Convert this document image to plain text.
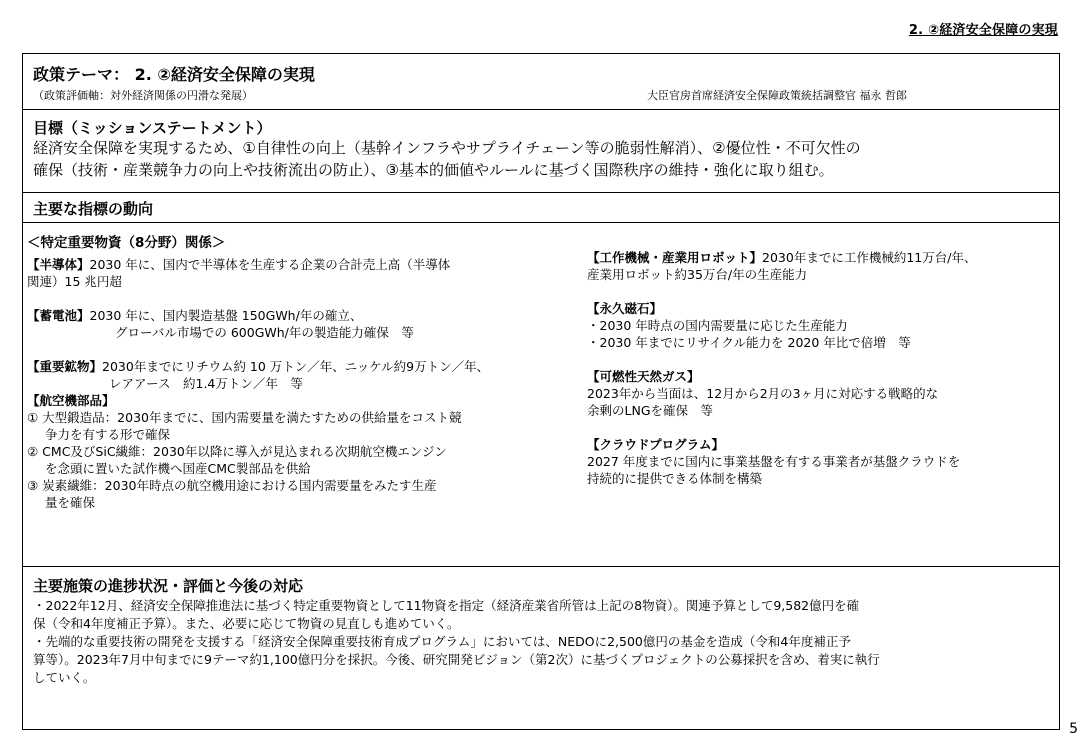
2. ②経済安全保障の実現
政策テーマ： 2. ②経済安全保障の実現
（政策評価軸：対外経済関係の円滑な発展）	大臣官房首席経済安全保障政策統括調整官 福永 哲郎
目標（ミッションステートメント）
経済安全保障を実現するため、①自律性の向上（基幹インフラやサプライチェーン等の脆弱性解消）、②優位性・不可欠性の
確保（技術・産業競争力の向上や技術流出の防止）、③基本的価値やルールに基づく国際秩序の維持・強化に取り組む。
主要な指標の動向
＜特定重要物資（8分野）関係＞
【半導体】2030 年に、国内で半導体を生産する企業の合計売上高（半導体
関連）15 兆円超
【蓄電池】2030 年に、国内製造基盤 150GWh/年の確立、
グローバル市場での 600GWh/年の製造能力確保　等
【重要鉱物】2030年までにリチウム約 10 万トン／年、ニッケル約9万トン／年、
レアアース　約1.4万トン／年　等
【航空機部品】
① 大型鍛造品：2030年までに、国内需要量を満たすための供給量をコスト競
争力を有する形で確保
② CMC及びSiC繊維：2030年以降に導入が見込まれる次期航空機エンジン
を念頭に置いた試作機へ国産CMC製部品を供給
③ 炭素繊維：2030年時点の航空機用途における国内需要量をみたす生産
量を確保
【工作機械・産業用ロボット】2030年までに工作機械約11万台/年、
産業用ロボット約35万台/年の生産能力
【永久磁石】
・2030 年時点の国内需要量に応じた生産能力
・2030 年までにリサイクル能力を 2020 年比で倍増　等
【可燃性天然ガス】
2023年から当面は、12月から2月の3ヶ月に対応する戦略的な
余剰のLNGを確保　等
【クラウドプログラム】
2027 年度までに国内に事業基盤を有する事業者が基盤クラウドを
持続的に提供できる体制を構築
主要施策の進捗状況・評価と今後の対応
・2022年12月、経済安全保障推進法に基づく特定重要物資として11物資を指定（経済産業省所管は上記の8物資）。関連予算として9,582億円を確
保（令和4年度補正予算）。また、必要に応じて物資の見直しも進めていく。
・先端的な重要技術の開発を支援する「経済安全保障重要技術育成プログラム」においては、NEDOに2,500億円の基金を造成（令和4年度補正予
算等）。2023年7月中旬までに9テーマ約1,100億円分を採択。今後、研究開発ビジョン（第2次）に基づくプロジェクトの公募採択を含め、着実に執行
していく。
5
